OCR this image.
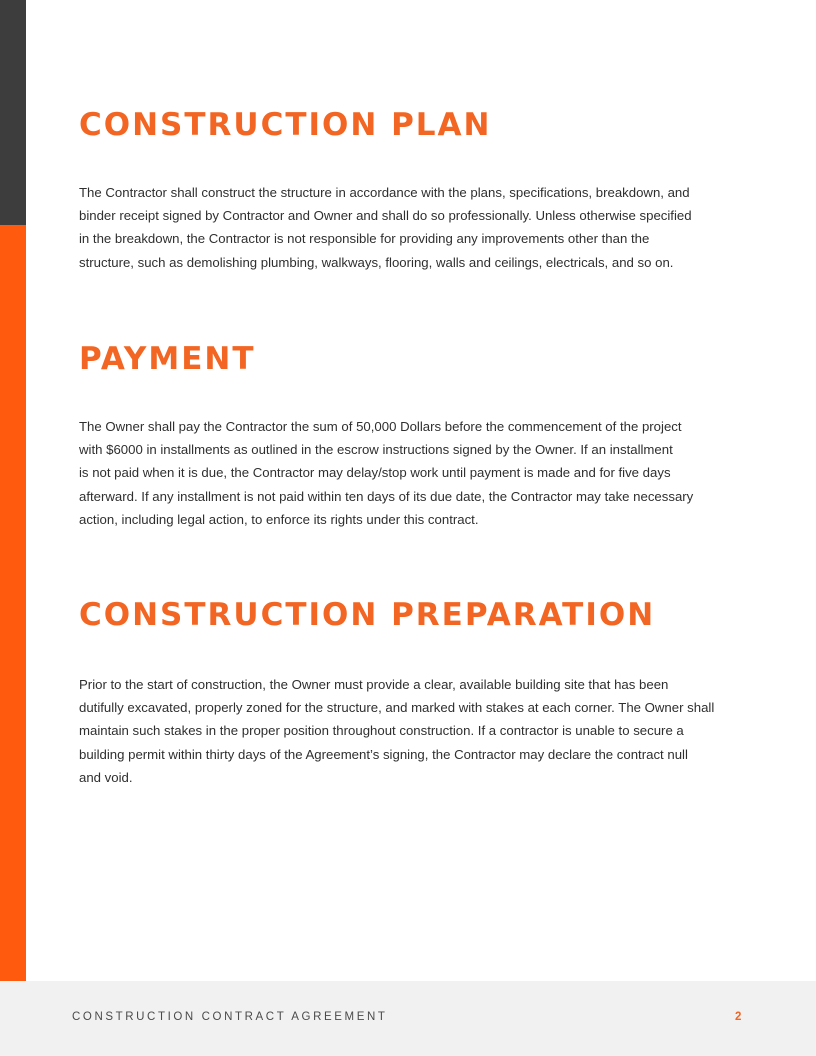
CONSTRUCTION PLAN

The Contractor shall construct the structure in accordance with the plans, specifications, breakdown, and
binder receipt signed by Contractor and Owner and shall do so professionally. Unless otherwise specified
in the breakdown, the Contractor is not responsible for providing any improvements other than the
structure, such as demolishing plumbing, walkways, flooring, walls and ceilings, electricals, and so on.

PAYMENT

The Owner shall pay the Contractor the sum of 50,000 Dollars before the commencement of the project
with $6000 in installments as outlined in the escrow instructions signed by the Owner. If an installment
is not paid when it is due, the Contractor may delay/stop work until payment is made and for five days
afterward. If any installment is not paid within ten days of its due date, the Contractor may take necessary
action, including legal action, to enforce its rights under this contract.

CONSTRUCTION PREPARATION

Prior to the start of construction, the Owner must provide a clear, available building site that has been
dutifully excavated, properly zoned for the structure, and marked with stakes at each corner. The Owner shall
maintain such stakes in the proper position throughout construction. If a contractor is unable to secure a
building permit within thirty days of the Agreement’s signing, the Contractor may declare the contract null
and void.

CONSTRUCTION CONTRACT AGREEMENT	2
